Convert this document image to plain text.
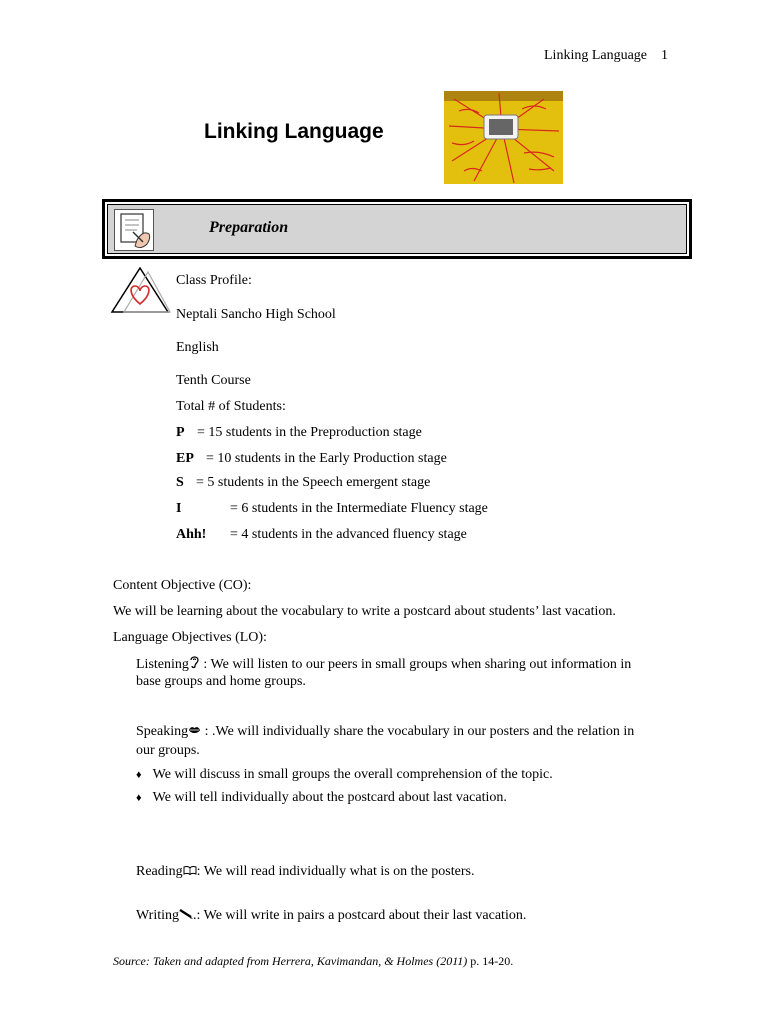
Linking Language 1
Linking Language
Preparation
Class Profile:
Neptali Sancho High School
English
Tenth Course
Total # of Students:
P = 15 students in the Preproduction stage
EP = 10 students in the Early Production stage
S = 5 students in the Speech emergent stage
I	= 6 students in the Intermediate Fluency stage
Ahh! = 4 students in the advanced fluency stage
Content Objective (CO):
We will be learning about the vocabulary to write a postcard about students’ last vacation.
Language Objectives (LO):
Listening : We will listen to our peers in small groups when sharing out information in
base groups and home groups.
Speaking : .We will individually share the vocabulary in our posters and the relation in
our groups.
♦ We will discuss in small groups the overall comprehension of the topic.
♦ We will tell individually about the postcard about last vacation.
Reading : We will read individually what is on the posters.
Writing .: We will write in pairs a postcard about their last vacation.
Source: Taken and adapted from Herrera, Kavimandan, & Holmes (2011) p. 14-20.
